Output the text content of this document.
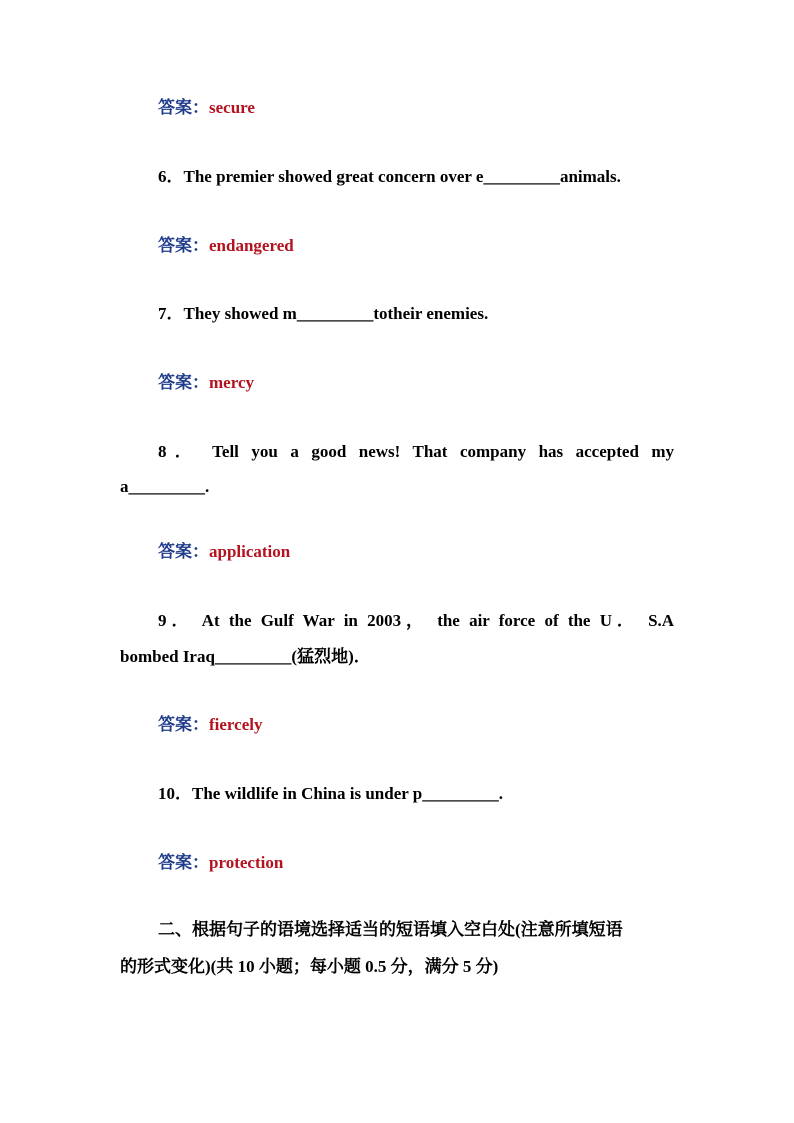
答案：secure
6．The premier showed great concern over e_________animals.
答案：endangered
7．They showed m_________totheir enemies.
答案：mercy
8． Tell you a good news! That company has accepted my
a_________.
答案：application
9． At the Gulf War in 2003， the air force of the U． S.A
bombed Iraq_________(猛烈地)．
答案：fiercely
10．The wildlife in China is under p_________.
答案：protection
二、根据句子的语境选择适当的短语填入空白处(注意所填短语
的形式变化)(共 10 小题；每小题 0.5 分，满分 5 分)
